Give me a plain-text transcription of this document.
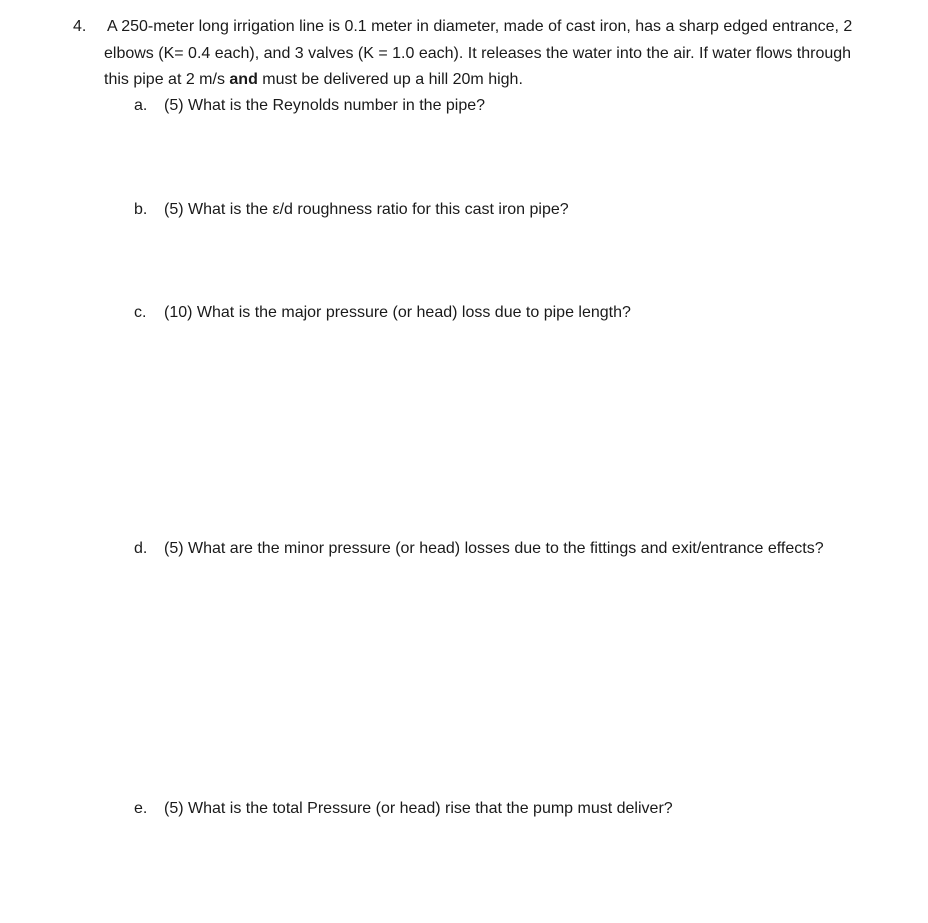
4. A 250-meter long irrigation line is 0.1 meter in diameter, made of cast iron, has a sharp edged entrance, 2 elbows (K= 0.4 each), and 3 valves (K = 1.0 each). It releases the water into the air. If water flows through this pipe at 2 m/s and must be delivered up a hill 20m high.
a. (5) What is the Reynolds number in the pipe?
b. (5) What is the ε/d roughness ratio for this cast iron pipe?
c. (10) What is the major pressure (or head) loss due to pipe length?
d. (5) What are the minor pressure (or head) losses due to the fittings and exit/entrance effects?
e. (5) What is the total Pressure (or head) rise that the pump must deliver?
